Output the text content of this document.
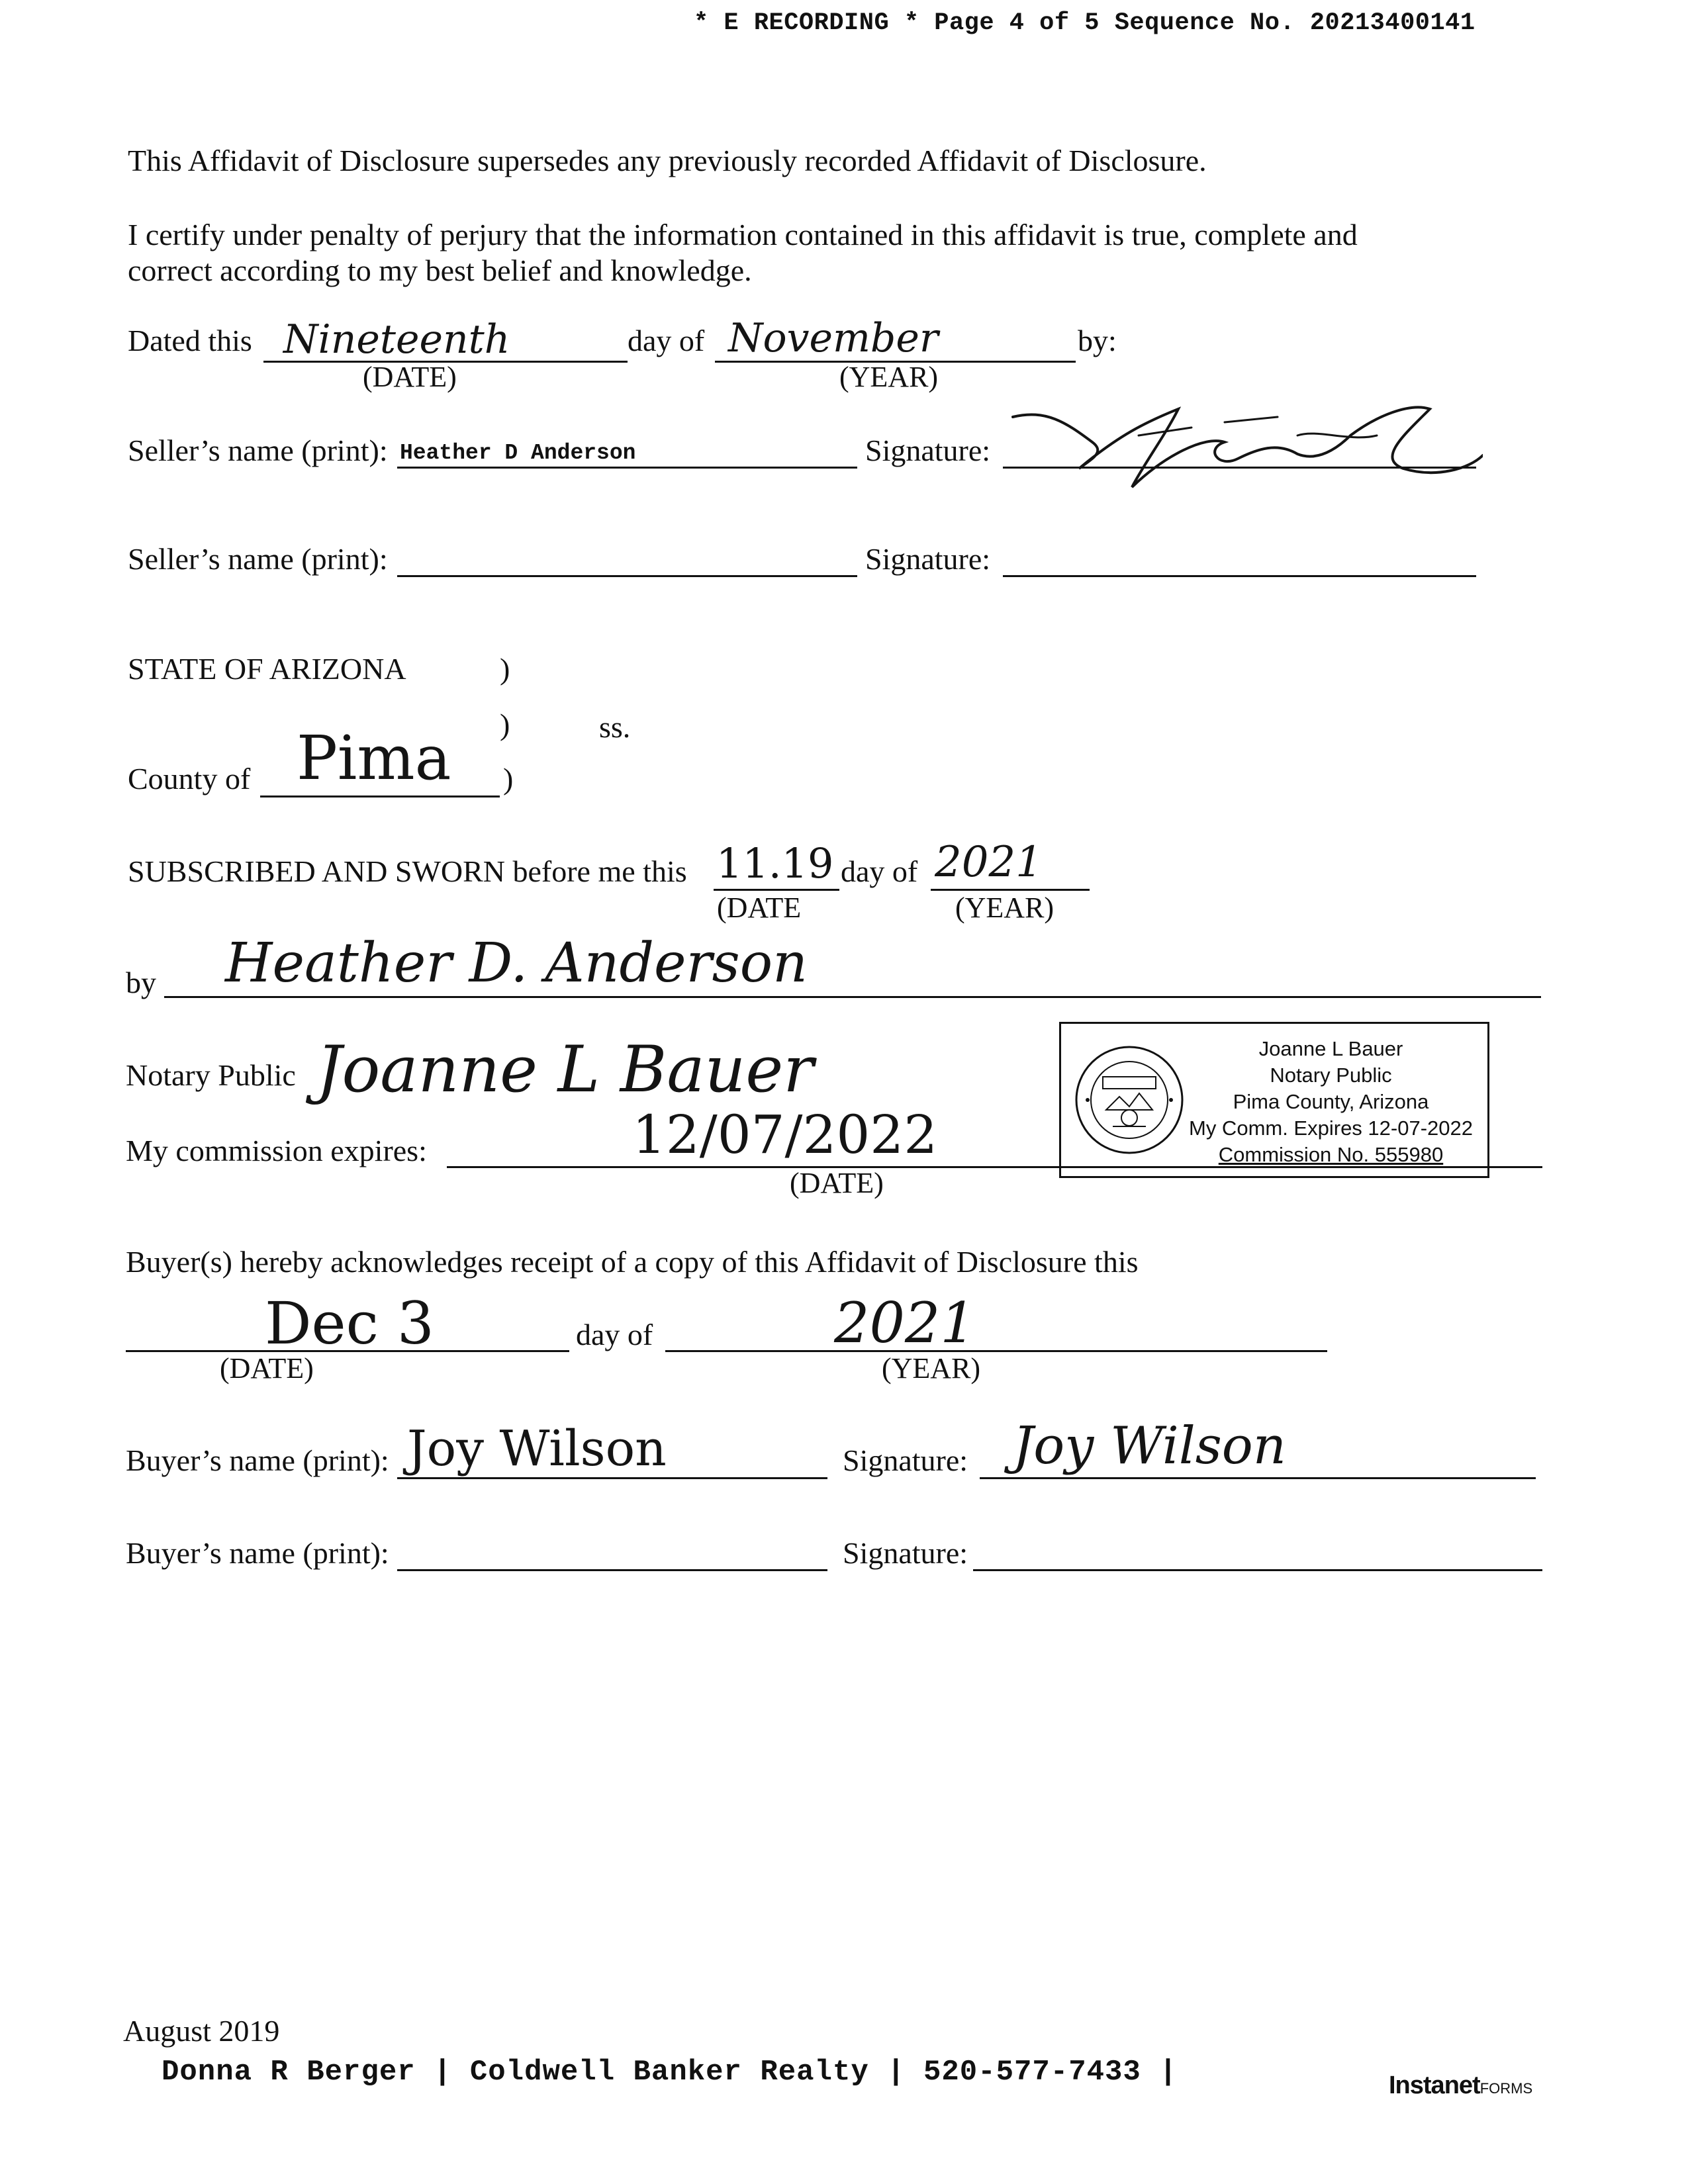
* E RECORDING * Page 4 of 5 Sequence No. 20213400141
This Affidavit of Disclosure supersedes any previously recorded Affidavit of Disclosure.
I certify under penalty of perjury that the information contained in this affidavit is true, complete and
correct according to my best belief and knowledge.
Dated this Nineteenth	day of November	by:
(DATE)	(YEAR)
Seller’s name (print): Heather D Anderson	Signature:
Seller’s name (print):	Signature:
STATE OF ARIZONA	)
)	ss.
County of Pima )
SUBSCRIBED AND SWORN before me this 11.19 day of 2021
(DATE	(YEAR)
by Heather D. Anderson
Notary Public Joanne L Bauer
My commission expires:	12/07/2022
(DATE)
Joanne L Bauer
Notary Public
Pima County, Arizona
My Comm. Expires 12-07-2022
Commission No. 555980
Buyer(s) hereby acknowledges receipt of a copy of this Affidavit of Disclosure this
Dec 3	day of	2021
(DATE)	(YEAR)
Buyer’s name (print): Joy Wilson	Signature: Joy Wilson
Buyer’s name (print):	Signature:
August 2019
Donna R Berger | Coldwell Banker Realty | 520-577-7433 |	InstanetFORMS
